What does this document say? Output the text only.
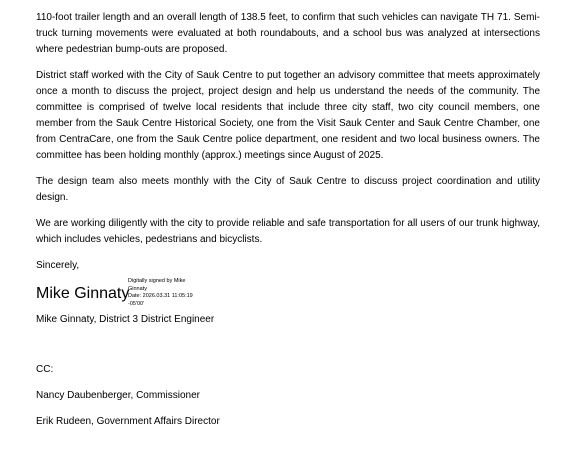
110-foot trailer length and an overall length of 138.5 feet, to confirm that such vehicles can navigate TH 71. Semi-truck turning movements were evaluated at both roundabouts, and a school bus was analyzed at intersections where pedestrian bump-outs are proposed.

District staff worked with the City of Sauk Centre to put together an advisory committee that meets approximately once a month to discuss the project, project design and help us understand the needs of the community. The committee is comprised of twelve local residents that include three city staff, two city council members, one member from the Sauk Centre Historical Society, one from the Visit Sauk Center and Sauk Centre Chamber, one from CentraCare, one from the Sauk Centre police department, one resident and two local business owners. The committee has been holding monthly (approx.) meetings since August of 2025.

The design team also meets monthly with the City of Sauk Centre to discuss project coordination and utility design.

We are working diligently with the city to provide reliable and safe transportation for all users of our trunk highway, which includes vehicles, pedestrians and bicyclists.

Sincerely,

Mike Ginnaty
Digitally signed by Mike
Ginnaty
Date: 2026.03.31 11:05:19
-05'00'

Mike Ginnaty, District 3 District Engineer

CC:

Nancy Daubenberger, Commissioner

Erik Rudeen, Government Affairs Director
